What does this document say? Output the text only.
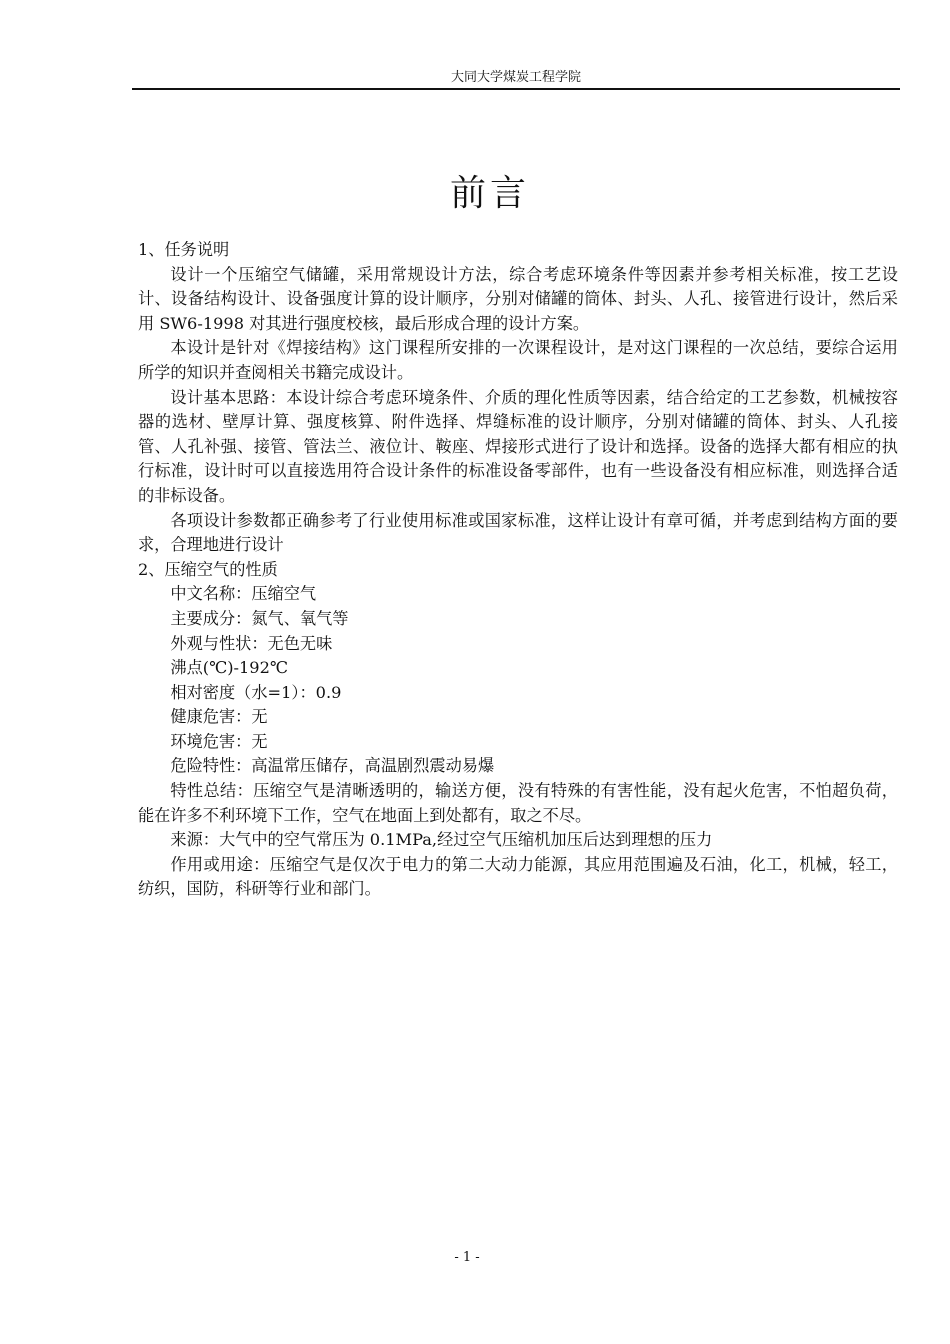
大同大学煤炭工程学院
前言

1、任务说明

设计一个压缩空气储罐，采用常规设计方法，综合考虑环境条件等因素并参考相关标准，按工艺设计、设备结构设计、设备强度计算的设计顺序，分别对储罐的筒体、封头、人孔、接管进行设计，然后采用 SW6-1998 对其进行强度校核，最后形成合理的设计方案。

本设计是针对《焊接结构》这门课程所安排的一次课程设计，是对这门课程的一次总结，要综合运用所学的知识并查阅相关书籍完成设计。

设计基本思路：本设计综合考虑环境条件、介质的理化性质等因素，结合给定的工艺参数，机械按容器的选材、壁厚计算、强度核算、附件选择、焊缝标准的设计顺序，分别对储罐的筒体、封头、人孔接管、人孔补强、接管、管法兰、液位计、鞍座、焊接形式进行了设计和选择。设备的选择大都有相应的执行标准，设计时可以直接选用符合设计条件的标准设备零部件，也有一些设备没有相应标准，则选择合适的非标设备。

各项设计参数都正确参考了行业使用标准或国家标准，这样让设计有章可循，并考虑到结构方面的要求，合理地进行设计

2、压缩空气的性质

中文名称：压缩空气

主要成分：氮气、氧气等

外观与性状：无色无味

沸点(℃)-192℃

相对密度（水=1）：0.9

健康危害：无

环境危害：无

危险特性：高温常压储存，高温剧烈震动易爆

特性总结：压缩空气是清晰透明的，输送方便，没有特殊的有害性能，没有起火危害，不怕超负荷，能在许多不利环境下工作，空气在地面上到处都有，取之不尽。

来源：大气中的空气常压为 0.1MPa,经过空气压缩机加压后达到理想的压力

作用或用途：压缩空气是仅次于电力的第二大动力能源，其应用范围遍及石油，化工，机械，轻工，纺织，国防，科研等行业和部门。

- 1 -
